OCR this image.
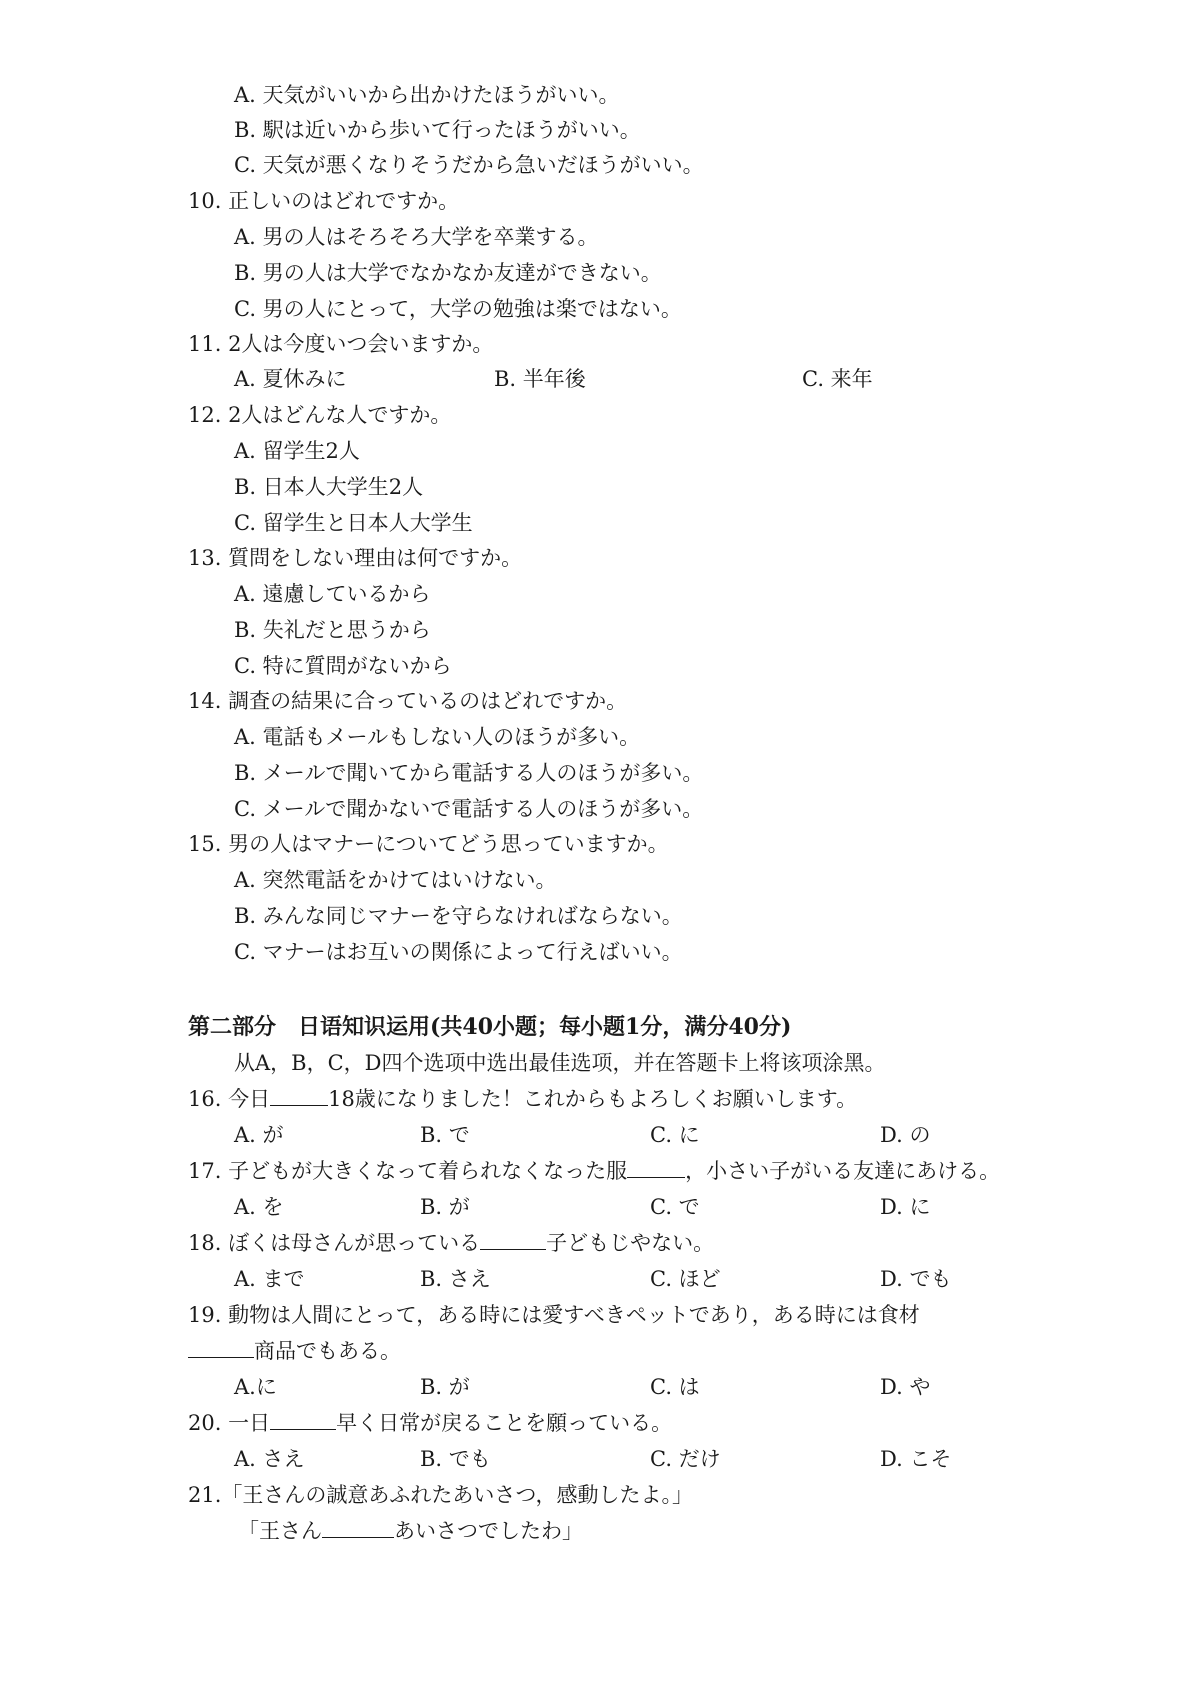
A. 天気がいいから出かけたほうがいい。
B. 駅は近いから歩いて行ったほうがいい。
C. 天気が悪くなりそうだから急いだほうがいい。
10. 正しいのはどれですか。
A. 男の人はそろそろ大学を卒業する。
B. 男の人は大学でなかなか友達ができない。
C. 男の人にとって，大学の勉強は楽ではない。
11. 2人は今度いつ会いますか。
A. 夏休みに	B. 半年後	C. 来年
12. 2人はどんな人ですか。
A. 留学生2人
B. 日本人大学生2人
C. 留学生と日本人大学生
13. 質問をしない理由は何ですか。
A. 遠慮しているから
B. 失礼だと思うから
C. 特に質問がないから
14. 調査の結果に合っているのはどれですか。
A. 電話もメールもしない人のほうが多い。
B. メールで聞いてから電話する人のほうが多い。
C. メールで聞かないで電話する人のほうが多い。
15. 男の人はマナーについてどう思っていますか。
A. 突然電話をかけてはいけない。
B. みんな同じマナーを守らなければならない。
C. マナーはお互いの関係によって行えばいい。
第二部分　日语知识运用(共40小题；每小题1分，满分40分)
从A，B，C，D四个选项中选出最佳选项，并在答题卡上将该项涂黑。
16. 今日	18歳になりました！これからもよろしくお願いします。
A. が	B. で	C. に	D. の
17. 子どもが大きくなって着られなくなった服	，小さい子がいる友達にあける。
A. を	B. が	C. で	D. に
18. ぼくは母さんが思っている	子どもじやない。
A. まで	B. さえ	C. ほど	D. でも
19. 動物は人間にとって，ある時には愛すべきペットであり，ある時には食材
商品でもある。
A.に	B. が	C. は	D. や
20. 一日	早く日常が戻ることを願っている。
A. さえ	B. でも	C. だけ	D. こそ
21.「王さんの誠意あふれたあいさつ，感動したよ。」
「王さん	あいさつでしたわ」
